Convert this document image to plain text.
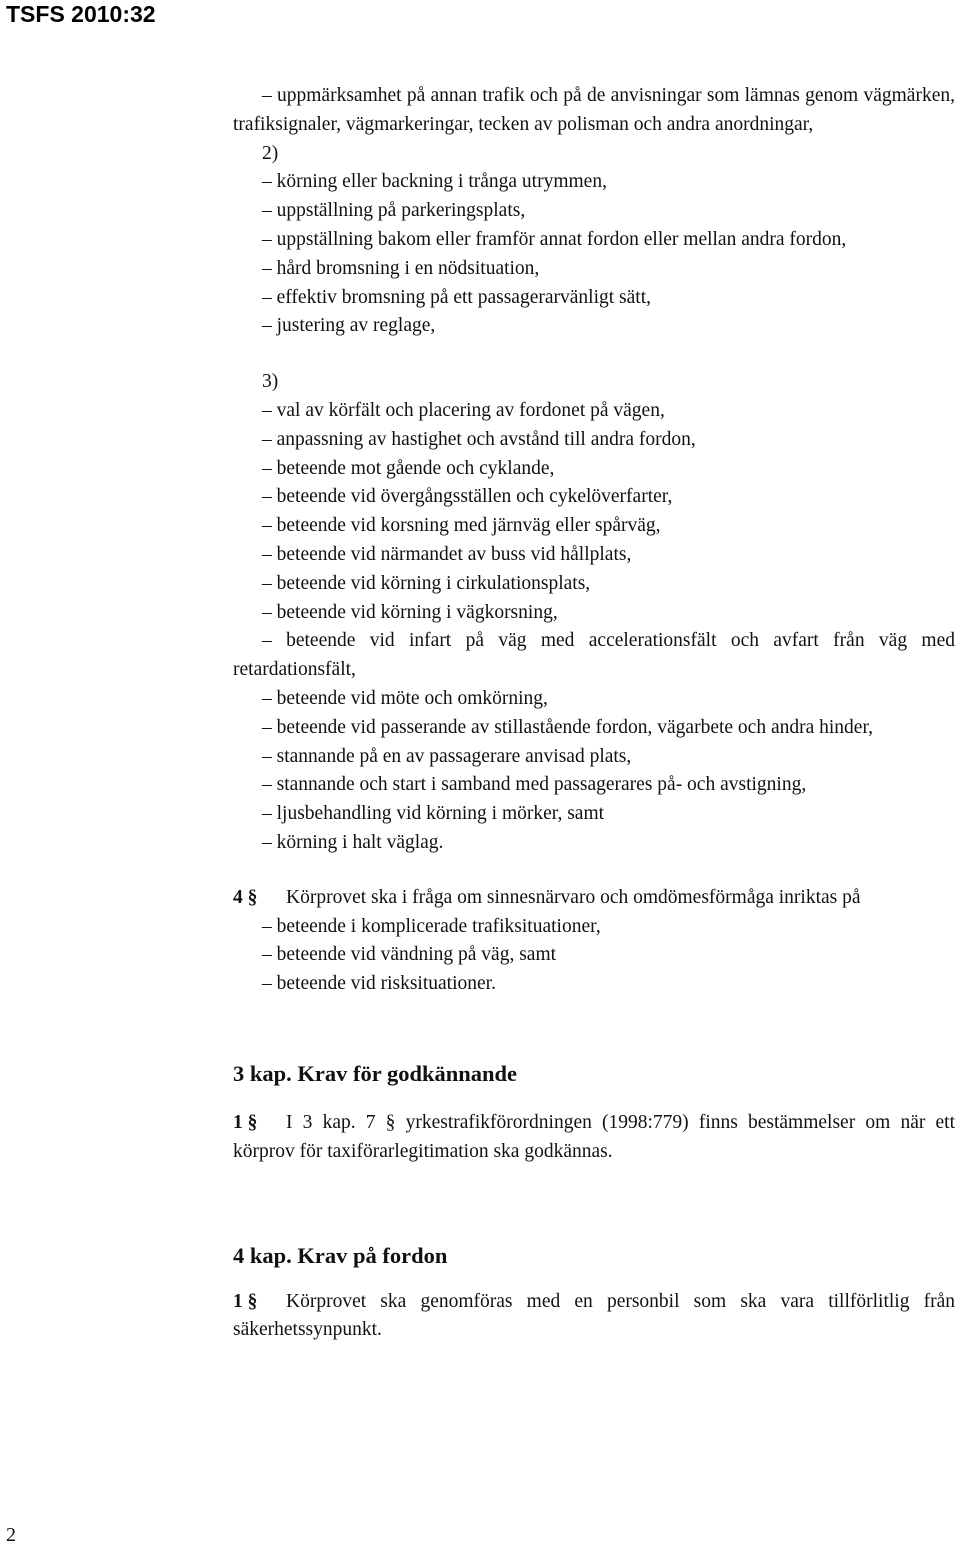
TSFS 2010:32
– uppmärksamhet på annan trafik och på de anvisningar som lämnas genom vägmärken, trafiksignaler, vägmarkeringar, tecken av polisman och andra anordningar,
2)
– körning eller backning i trånga utrymmen,
– uppställning på parkeringsplats,
– uppställning bakom eller framför annat fordon eller mellan andra fordon,
– hård bromsning i en nödsituation,
– effektiv bromsning på ett passagerarvänligt sätt,
– justering av reglage,
3)
– val av körfält och placering av fordonet på vägen,
– anpassning av hastighet och avstånd till andra fordon,
– beteende mot gående och cyklande,
– beteende vid övergångsställen och cykelöverfarter,
– beteende vid korsning med järnväg eller spårväg,
– beteende vid närmandet av buss vid hållplats,
– beteende vid körning i cirkulationsplats,
– beteende vid körning i vägkorsning,
– beteende vid infart på väg med accelerationsfält och avfart från väg med retardationsfält,
– beteende vid möte och omkörning,
– beteende vid passerande av stillastående fordon, vägarbete och andra hinder,
– stannande på en av passagerare anvisad plats,
– stannande och start i samband med passagerares på- och avstigning,
– ljusbehandling vid körning i mörker, samt
– körning i halt väglag.
4 § Körprovet ska i fråga om sinnesnärvaro och omdömesförmåga inriktas på
– beteende i komplicerade trafiksituationer,
– beteende vid vändning på väg, samt
– beteende vid risksituationer.
3 kap. Krav för godkännande
1 § I 3 kap. 7 § yrkestrafikförordningen (1998:779) finns bestämmelser om när ett körprov för taxiförarlegitimation ska godkännas.
4 kap. Krav på fordon
1 § Körprovet ska genomföras med en personbil som ska vara tillförlitlig från säkerhetssynpunkt.
2
